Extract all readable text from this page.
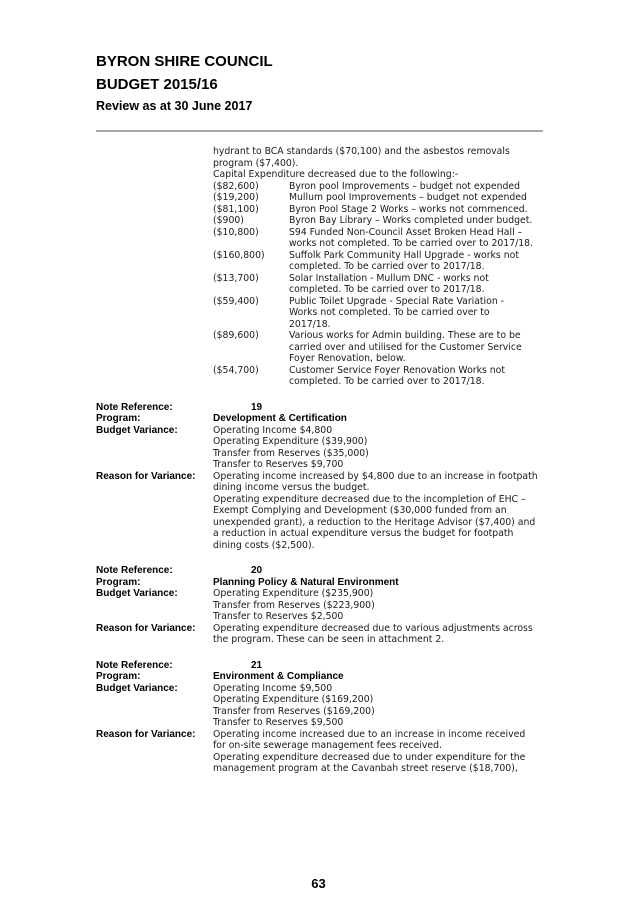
BYRON SHIRE COUNCIL
BUDGET 2015/16
Review as at 30 June 2017

hydrant to BCA standards ($70,100) and the asbestos removals

program ($7,400).

Capital Expenditure decreased due to the following:-

($82,600)	Byron pool Improvements – budget not expended
($19,200)	Mullum pool Improvements – budget not expended
($81,100)	Byron Pool Stage 2 Works – works not commenced.
($900)	Byron Bay Library – Works completed under budget.
($10,800)	S94 Funded Non-Council Asset Broken Head Hall –
works not completed. To be carried over to 2017/18.
($160,800)	Suffolk Park Community Hall Upgrade - works not
completed. To be carried over to 2017/18.
($13,700)	Solar Installation - Mullum DNC - works not
completed. To be carried over to 2017/18.
($59,400)	Public Toilet Upgrade - Special Rate Variation -
Works not completed. To be carried over to
2017/18.
($89,600)	Various works for Admin building. These are to be
carried over and utilised for the Customer Service
Foyer Renovation, below.
($54,700)	Customer Service Foyer Renovation Works not
completed. To be carried over to 2017/18.
Note Reference:	19
Program:	Development & Certification
Budget Variance:	Operating Income $4,800
Operating Expenditure ($39,900)
Transfer from Reserves ($35,000)
Transfer to Reserves $9,700
Reason for Variance:	Operating income increased by $4,800 due to an increase in footpath
dining income versus the budget.
Operating expenditure decreased due to the incompletion of EHC –
Exempt Complying and Development ($30,000 funded from an
unexpended grant), a reduction to the Heritage Advisor ($7,400) and
a reduction in actual expenditure versus the budget for footpath
dining costs ($2,500).
Note Reference:	20
Program:	Planning Policy & Natural Environment
Budget Variance:	Operating Expenditure ($235,900)
Transfer from Reserves ($223,900)
Transfer to Reserves $2,500
Reason for Variance:	Operating expenditure decreased due to various adjustments across
the program. These can be seen in attachment 2.
Note Reference:	21
Program:	Environment & Compliance
Budget Variance:	Operating Income $9,500
Operating Expenditure ($169,200)
Transfer from Reserves ($169,200)
Transfer to Reserves $9,500
Reason for Variance:	Operating income increased due to an increase in income received
for on-site sewerage management fees received.
Operating expenditure decreased due to under expenditure for the
management program at the Cavanbah street reserve ($18,700),
63
